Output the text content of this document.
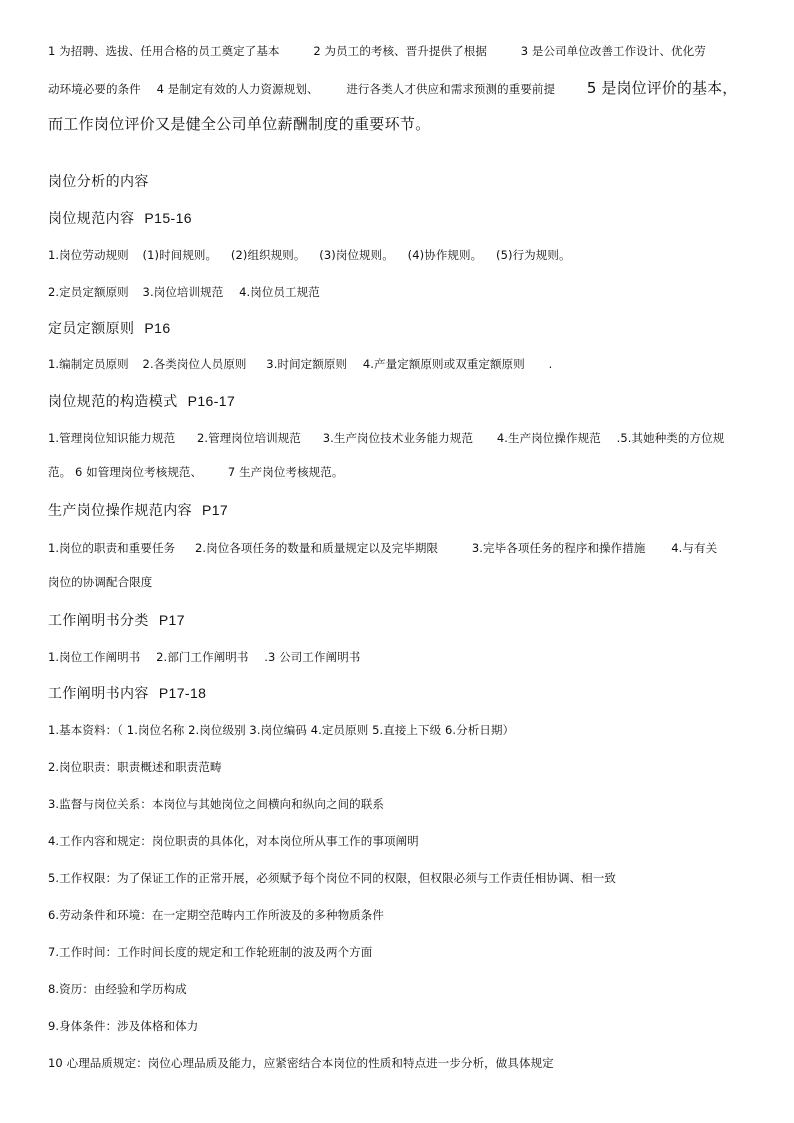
1 为招聘、选拔、任用合格的员工奠定了基本	2 为员工的考核、晋升提供了根据	3 是公司单位改善工作设计、优化劳
动环境必要的条件 4 是制定有效的人力资源规划、 进行各类人才供应和需求预测的重要前提 5 是岗位评价的基本，
而工作岗位评价又是健全公司单位薪酬制度的重要环节。
岗位分析的内容
岗位规范内容 P15-16
1.岗位劳动规则 (1)时间规则。 (2)组织规则。 (3)岗位规则。 (4)协作规则。 (5)行为规则。
2.定员定额原则 3.岗位培训规范 4.岗位员工规范
定员定额原则 P16
1.编制定员原则 2.各类岗位人员原则 3.时间定额原则 4.产量定额原则或双重定额原则 .
岗位规范的构造模式 P16-17
1.管理岗位知识能力规范 2.管理岗位培训规范 3.生产岗位技术业务能力规范 4.生产岗位操作规范 .5.其她种类的方位规
范。 6 如管理岗位考核规范、 7 生产岗位考核规范。
生产岗位操作规范内容 P17
1.岗位的职责和重要任务 2.岗位各项任务的数量和质量规定以及完毕期限	3.完毕各项任务的程序和操作措施 4.与有关
岗位的协调配合限度
工作阐明书分类 P17
1.岗位工作阐明书 2.部门工作阐明书 .3 公司工作阐明书
工作阐明书内容 P17-18
1.基本资料：（ 1.岗位名称 2.岗位级别 3.岗位编码 4.定员原则 5.直接上下级 6.分析日期）
2.岗位职责：职责概述和职责范畴
3.监督与岗位关系：本岗位与其她岗位之间横向和纵向之间的联系
4.工作内容和规定：岗位职责的具体化，对本岗位所从事工作的事项阐明
5.工作权限：为了保证工作的正常开展，必须赋予每个岗位不同的权限，但权限必须与工作责任相协调、相一致
6.劳动条件和环境：在一定期空范畴内工作所波及的多种物质条件
7.工作时间：工作时间长度的规定和工作轮班制的波及两个方面
8.资历：由经验和学历构成
9.身体条件：涉及体格和体力
10 心理品质规定：岗位心理品质及能力，应紧密结合本岗位的性质和特点进一步分析，做具体规定
